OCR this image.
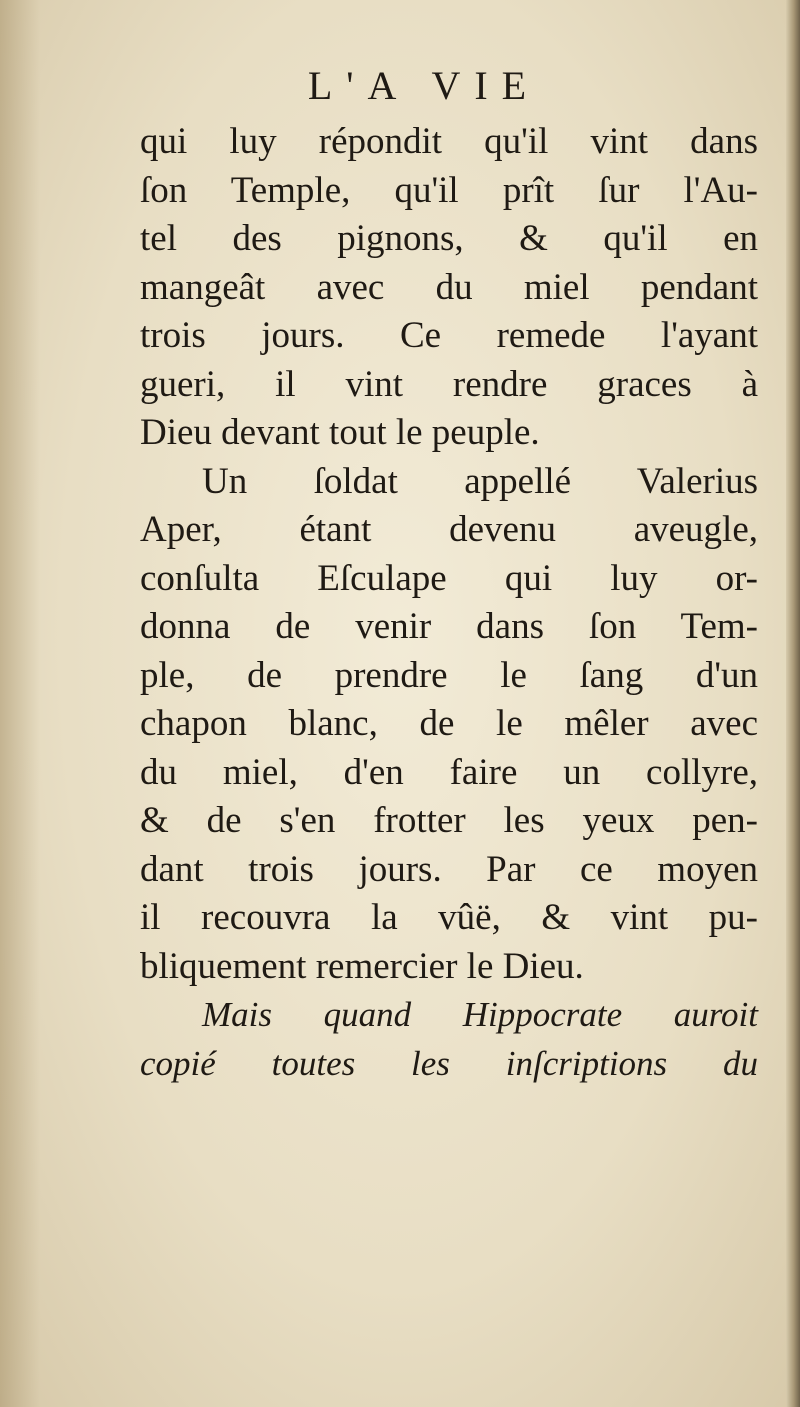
L'A VIE
qui luy répondit qu'il vint dans
ſon Temple, qu'il prît ſur l'Au-
tel des pignons, & qu'il en
mangeât avec du miel pendant
trois jours. Ce remede l'ayant
gueri, il vint rendre graces à
Dieu devant tout le peuple.
Un ſoldat appellé Valerius
Aper, étant devenu aveugle,
conſulta Eſculape qui luy or-
donna de venir dans ſon Tem-
ple, de prendre le ſang d'un
chapon blanc, de le mêler avec
du miel, d'en faire un collyre,
& de s'en frotter les yeux pen-
dant trois jours. Par ce moyen
il recouvra la vûë, & vint pu-
bliquement remercier le Dieu.
Mais quand Hippocrate auroit
copié toutes les inſcriptions du
